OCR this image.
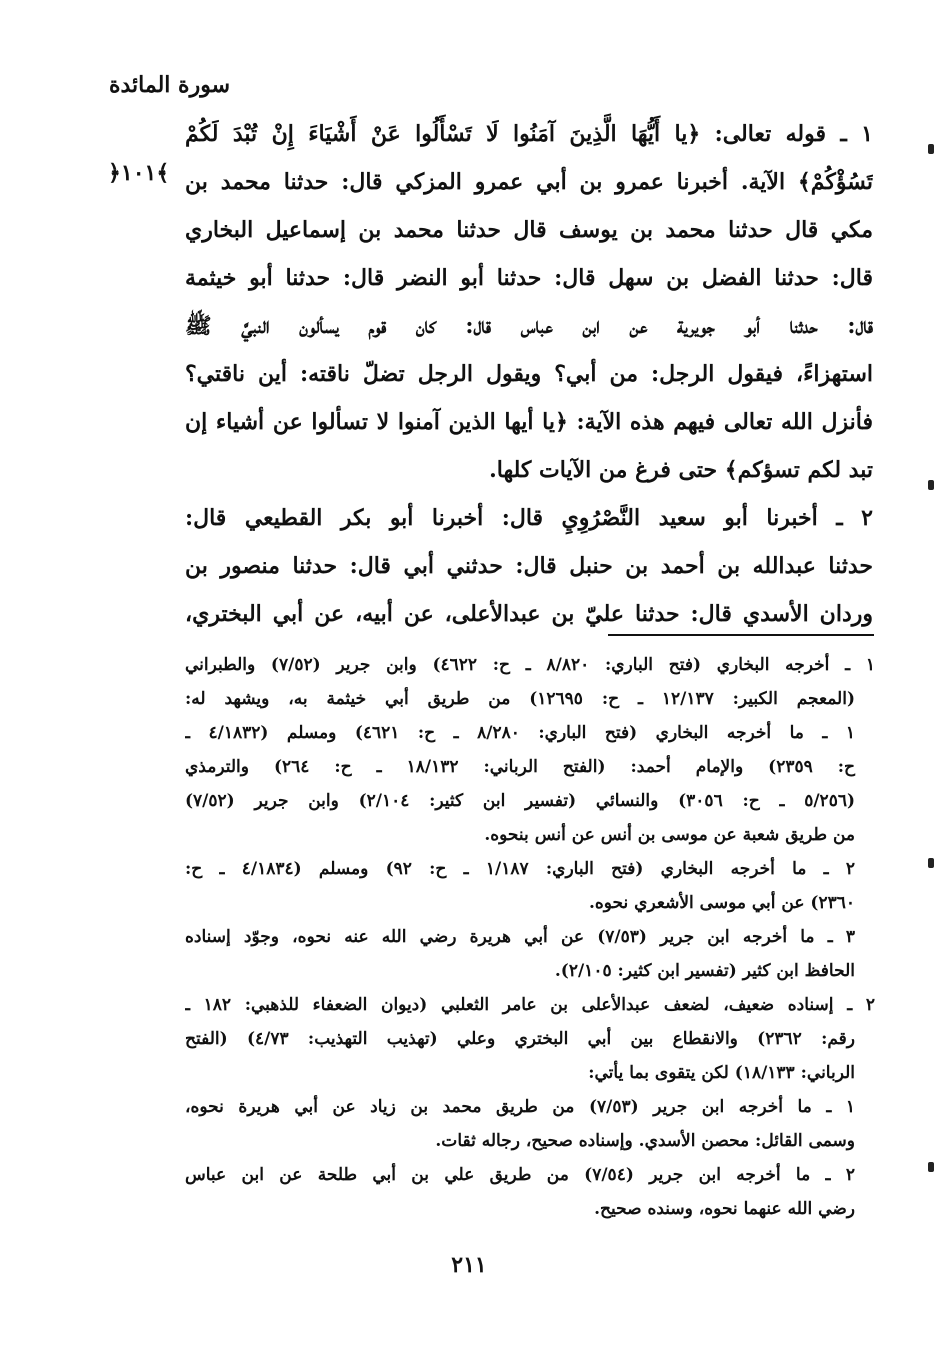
سورة المائدة
﴿١٠١﴾
١ ـ قوله تعالى: ﴿يا أَيُّهَا الَّذِينَ آمَنُوا لَا تَسْأَلُوا عَنْ أَشْيَاءَ إِنْ تُبْدَ لَكُمْ
تَسُؤْكُمْ﴾ الآية. أخبرنا عمرو بن أبي عمرو المزكي قال: حدثنا محمد بن
مكي قال حدثنا محمد بن يوسف قال حدثنا محمد بن إسماعيل البخاري
قال: حدثنا الفضل بن سهل قال: حدثنا أبو النضر قال: حدثنا أبو خيثمة
قال: حدثنا أبو جويرية عن ابن عباس قال: كان قوم يسألون النبيَّ ﷺ
استهزاءً، فيقول الرجل: من أبي؟ ويقول الرجل تضلّ ناقته: أين ناقتي؟
فأنزل الله تعالى فيهم هذه الآية: ﴿يا أيها الذين آمنوا لا تسألوا عن أشياء إن
تبد لكم تسؤكم﴾ حتى فرغ من الآيات كلها.
٢ ـ أخبرنا أبو سعيد النَّصْرُوِيِ قال: أخبرنا أبو بكر القطيعي قال:
حدثنا عبدالله بن أحمد بن حنبل قال: حدثني أبي قال: حدثنا منصور بن
وردان الأسدي قال: حدثنا عليّ بن عبدالأعلى، عن أبيه، عن أبي البختري،
١ ـ أخرجه البخاري (فتح الباري: ٨/٨٢٠ ـ ح: ٤٦٢٢) وابن جرير (٧/٥٢) والطبراني
(المعجم الكبير: ١٢/١٣٧ ـ ح: ١٢٦٩٥) من طريق أبي خيثمة به، ويشهد له:
١ ـ ما أخرجه البخاري (فتح الباري: ٨/٢٨٠ ـ ح: ٤٦٢١) ومسلم (٤/١٨٣٢ ـ
ح: ٢٣٥٩) والإمام أحمد: (الفتح الرباني: ١٨/١٣٢ ـ ح: ٢٦٤) والترمذي
(٥/٢٥٦ ـ ح: ٣٠٥٦) والنسائي (تفسير ابن كثير: ٢/١٠٤) وابن جرير (٧/٥٢)
من طريق شعبة عن موسى بن أنس عن أنس بنحوه.
٢ ـ ما أخرجه البخاري (فتح الباري: ١/١٨٧ ـ ح: ٩٢) ومسلم (٤/١٨٣٤ ـ ح:
٢٣٦٠) عن أبي موسى الأشعري نحوه.
٣ ـ ما أخرجه ابن جرير (٧/٥٣) عن أبي هريرة رضي الله عنه نحوه، وجوّد إسناده
الحافظ ابن كثير (تفسير ابن كثير: ٢/١٠٥).
٢ ـ إسناده ضعيف، لضعف عبدالأعلى بن عامر الثعلبي (ديوان الضعفاء للذهبي: ١٨٢ ـ
رقم: ٢٣٦٢) والانقطاع بين أبي البختري وعلي (تهذيب التهذيب: ٤/٧٣) (الفتح
الرباني: ١٨/١٣٣) لكن يتقوى بما يأتي:
١ ـ ما أخرجه ابن جرير (٧/٥٣) من طريق محمد بن زياد عن أبي هريرة نحوه،
وسمى القائل: محصن الأسدي. وإسناده صحيح، رجاله ثقات.
٢ ـ ما أخرجه ابن جرير (٧/٥٤) من طريق علي بن أبي طلحة عن ابن عباس
رضي الله عنهما نحوه، وسنده صحيح.
٢١١
